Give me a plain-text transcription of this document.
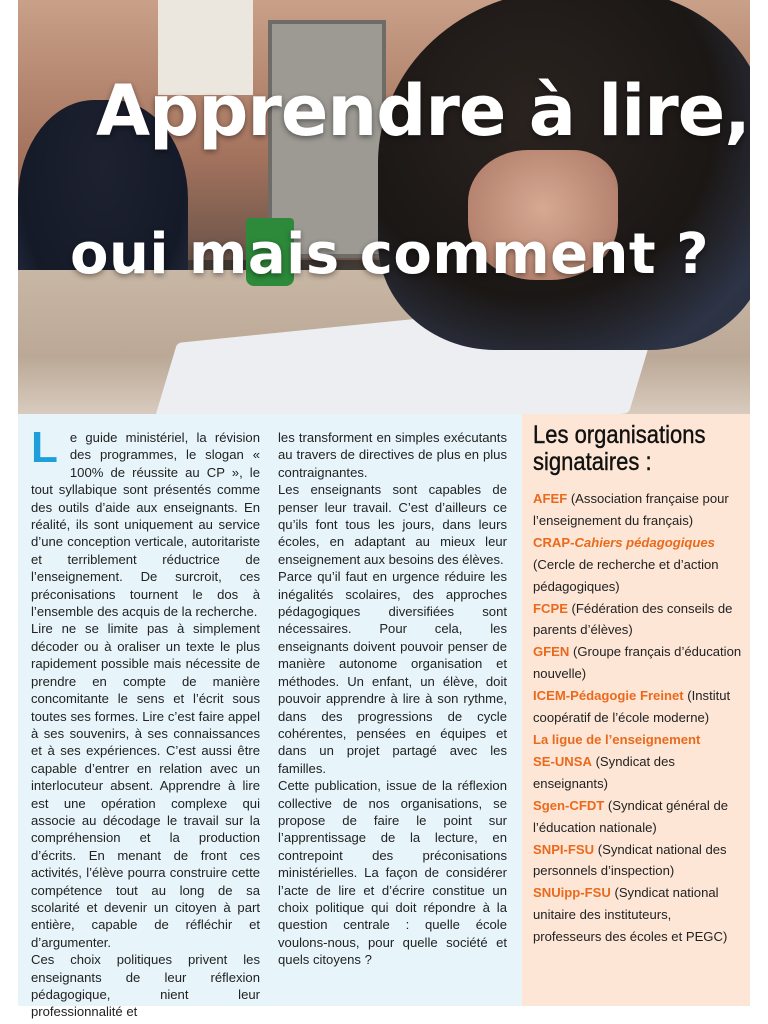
Apprendre à lire,
oui mais comment ?

Le guide ministériel, la révision des programmes, le slogan « 100% de réussite au CP », le tout syllabique sont présentés comme des outils d’aide aux enseignants. En réalité, ils sont uniquement au service d’une conception verticale, autoritariste et terriblement réductrice de l’enseignement. De surcroit, ces préconisations tournent le dos à l’ensemble des acquis de la recherche.

Lire ne se limite pas à simplement décoder ou à oraliser un texte le plus rapidement possible mais nécessite de prendre en compte de manière concomitante le sens et l’écrit sous toutes ses formes. Lire c’est faire appel à ses souvenirs, à ses connaissances et à ses expériences. C’est aussi être capable d’entrer en relation avec un interlocuteur absent. Apprendre à lire est une opération complexe qui associe au décodage le travail sur la compréhension et la production d’écrits. En menant de front ces activités, l’élève pourra construire cette compétence tout au long de sa scolarité et devenir un citoyen à part entière, capable de réfléchir et d’argumenter.

Ces choix politiques privent les enseignants de leur réflexion pédagogique, nient leur professionnalité et

les transforment en simples exécutants au travers de directives de plus en plus contraignantes.

Les enseignants sont capables de penser leur travail. C’est d’ailleurs ce qu’ils font tous les jours, dans leurs écoles, en adaptant au mieux leur enseignement aux besoins des élèves.

Parce qu’il faut en urgence réduire les inégalités scolaires, des approches pédagogiques diversifiées sont nécessaires. Pour cela, les enseignants doivent pouvoir penser de manière autonome organisation et méthodes. Un enfant, un élève, doit pouvoir apprendre à lire à son rythme, dans des progressions de cycle cohérentes, pensées en équipes et dans un projet partagé avec les familles.

Cette publication, issue de la réflexion collective de nos organisations, se propose de faire le point sur l’apprentissage de la lecture, en contrepoint des préconisations ministérielles. La façon de considérer l’acte de lire et d’écrire constitue un choix politique qui doit répondre à la question centrale : quelle école voulons-nous, pour quelle société et quels citoyens ?

Les organisations
signataires :

AFEF (Association française pour l’enseignement du français)

CRAP-Cahiers pédagogiques (Cercle de recherche et d’action pédagogiques)

FCPE (Fédération des conseils de parents d’élèves)

GFEN (Groupe français d’éducation nouvelle)

ICEM-Pédagogie Freinet (Institut coopératif de l’école moderne)

La ligue de l’enseignement

SE-UNSA (Syndicat des enseignants)

Sgen-CFDT (Syndicat général de l’éducation nationale)

SNPI-FSU (Syndicat national des personnels d’inspection)

SNUipp-FSU (Syndicat national unitaire des instituteurs, professeurs des écoles et PEGC)
